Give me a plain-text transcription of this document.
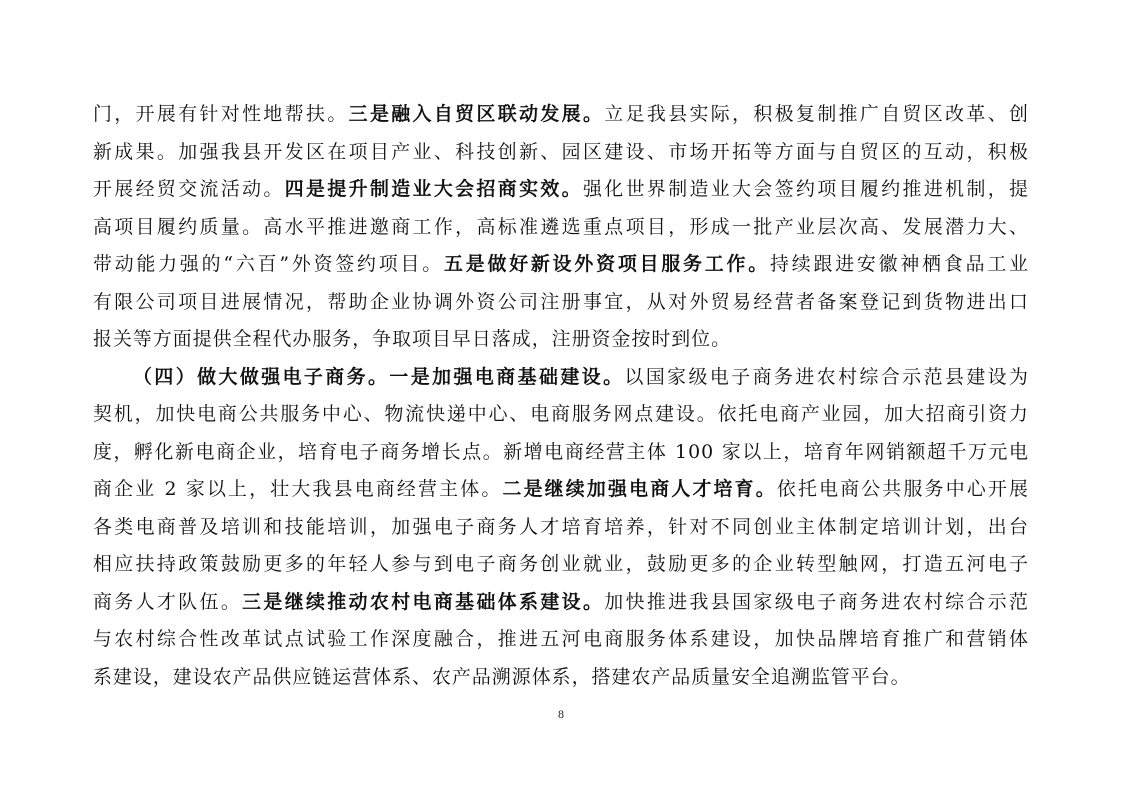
门，开展有针对性地帮扶。三是融入自贸区联动发展。立足我县实际，积极复制推广自贸区改革、创
新成果。加强我县开发区在项目产业、科技创新、园区建设、市场开拓等方面与自贸区的互动，积极
开展经贸交流活动。四是提升制造业大会招商实效。强化世界制造业大会签约项目履约推进机制，提
高项目履约质量。高水平推进邀商工作，高标准遴选重点项目，形成一批产业层次高、发展潜力大、
带动能力强的“六百”外资签约项目。五是做好新设外资项目服务工作。持续跟进安徽神栖食品工业
有限公司项目进展情况，帮助企业协调外资公司注册事宜，从对外贸易经营者备案登记到货物进出口
报关等方面提供全程代办服务，争取项目早日落成，注册资金按时到位。
（四）做大做强电子商务。一是加强电商基础建设。以国家级电子商务进农村综合示范县建设为
契机，加快电商公共服务中心、物流快递中心、电商服务网点建设。依托电商产业园，加大招商引资力
度，孵化新电商企业，培育电子商务增长点。新增电商经营主体 100 家以上，培育年网销额超千万元电
商企业 2 家以上，壮大我县电商经营主体。二是继续加强电商人才培育。依托电商公共服务中心开展
各类电商普及培训和技能培训，加强电子商务人才培育培养，针对不同创业主体制定培训计划，出台
相应扶持政策鼓励更多的年轻人参与到电子商务创业就业，鼓励更多的企业转型触网，打造五河电子
商务人才队伍。三是继续推动农村电商基础体系建设。加快推进我县国家级电子商务进农村综合示范
与农村综合性改革试点试验工作深度融合，推进五河电商服务体系建设，加快品牌培育推广和营销体
系建设，建设农产品供应链运营体系、农产品溯源体系，搭建农产品质量安全追溯监管平台。
8
